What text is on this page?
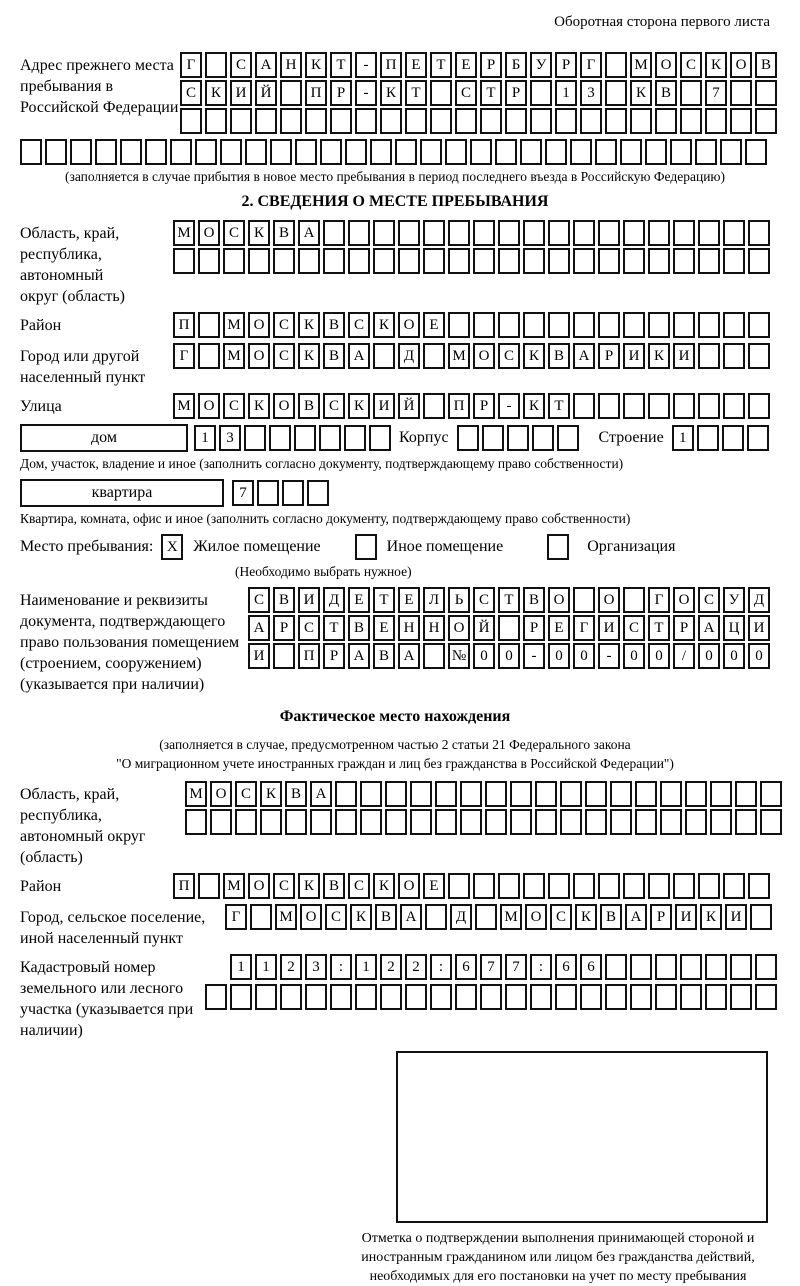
Оборотная сторона первого листа
Адрес прежнего места пребывания в Российской Федерации
Г	С А Н К	Т	-	П Е	Т	Е	Р	Б	У	Р	Г	М О С К О В
С К И Й	П	Р	-	К	Т	С	Т	Р	1	3	К В	7
(заполняется в случае прибытия в новое место пребывания в период последнего въезда в Российскую Федерацию)
2. СВЕДЕНИЯ О МЕСТЕ ПРЕБЫВАНИЯ
Область, край, республика, автономный округ (область)
М О С К В А
Район	П	М О С К В С К О Е
Город или другой населенный пункт
Г	М О С К В А	Д	М О С К В А	Р	И К И
Улица	М О С К О В С К И Й	П	Р	-	К	Т
дом	1	3	Корпус	Строение	1
Дом, участок, владение и иное (заполнить согласно документу, подтверждающему право собственности)
квартира	7
Квартира, комната, офис и иное (заполнить согласно документу, подтверждающему право собственности)
Место пребывания: X Жилое помещение	Иное помещение	Организация
(Необходимо выбрать нужное)
Наименование и реквизиты документа, подтверждающего право пользования помещением (строением, сооружением) (указывается при наличии)
С В И Д	Е	Т	Е	Л	Ь	С	Т	В О	О	Г	О С У Д
А	Р	С	Т	В	Е	Н Н О Й	Р	Е	Г	И С	Т	Р	А Ц И
И	П	Р	А В А	№ 0	0	-	0	0	-	0	0	/	0	0	0
Фактическое место нахождения
(заполняется в случае, предусмотренном частью 2 статьи 21 Федерального закона
"О миграционном учете иностранных граждан и лиц без гражданства в Российской Федерации")
Область, край, республика, автономный округ (область)
М О С К В А
Район	П	М О С К В С К О Е
Город, сельское поселение, иной населенный пункт
Г	М О С К В А	Д	М О С К В А	Р	И К И
Кадастровый номер земельного или лесного участка (указывается при наличии)
1	1	2	3	:	1	2	2	:	6	7	7	:	6	6
Отметка о подтверждении выполнения принимающей стороной и иностранным гражданином или лицом без гражданства действий, необходимых для его постановки на учет по месту пребывания
